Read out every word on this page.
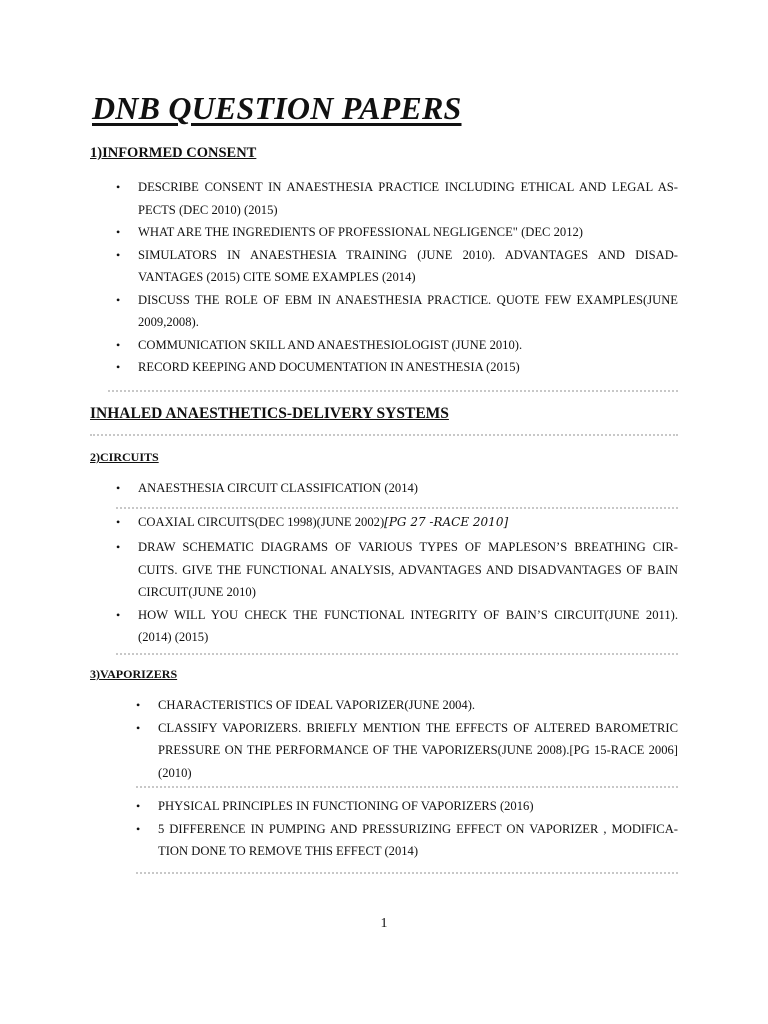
DNB QUESTION PAPERS
1)INFORMED CONSENT
• DESCRIBE CONSENT IN ANAESTHESIA PRACTICE INCLUDING ETHICAL AND LEGAL AS-PECTS (DEC 2010) (2015)
• WHAT ARE THE INGREDIENTS OF PROFESSIONAL NEGLIGENCE" (DEC 2012)
• SIMULATORS IN ANAESTHESIA TRAINING (JUNE 2010). ADVANTAGES AND DISAD-VANTAGES (2015) CITE SOME EXAMPLES (2014)
• DISCUSS THE ROLE OF EBM IN ANAESTHESIA PRACTICE. QUOTE FEW EXAMPLES(JUNE 2009,2008).
• COMMUNICATION SKILL AND ANAESTHESIOLOGIST (JUNE 2010).
• RECORD KEEPING AND DOCUMENTATION IN ANESTHESIA (2015)
INHALED ANAESTHETICS-DELIVERY SYSTEMS
2)CIRCUITS
• ANAESTHESIA CIRCUIT CLASSIFICATION (2014)
• COAXIAL CIRCUITS(DEC 1998)(JUNE 2002)[PG 27 -RACE 2010]
• DRAW SCHEMATIC DIAGRAMS OF VARIOUS TYPES OF MAPLESON’S BREATHING CIR-CUITS. GIVE THE FUNCTIONAL ANALYSIS, ADVANTAGES AND DISADVANTAGES OF BAIN CIRCUIT(JUNE 2010)
• HOW WILL YOU CHECK THE FUNCTIONAL INTEGRITY OF BAIN’S CIRCUIT(JUNE 2011). (2014) (2015)
3)VAPORIZERS
• CHARACTERISTICS OF IDEAL VAPORIZER(JUNE 2004).
• CLASSIFY VAPORIZERS. BRIEFLY MENTION THE EFFECTS OF ALTERED BAROMETRIC PRESSURE ON THE PERFORMANCE OF THE VAPORIZERS(JUNE 2008).[PG 15-RACE 2006](2010)
• PHYSICAL PRINCIPLES IN FUNCTIONING OF VAPORIZERS (2016)
• 5 DIFFERENCE IN PUMPING AND PRESSURIZING EFFECT ON VAPORIZER , MODIFICA-TION DONE TO REMOVE THIS EFFECT (2014)
1
